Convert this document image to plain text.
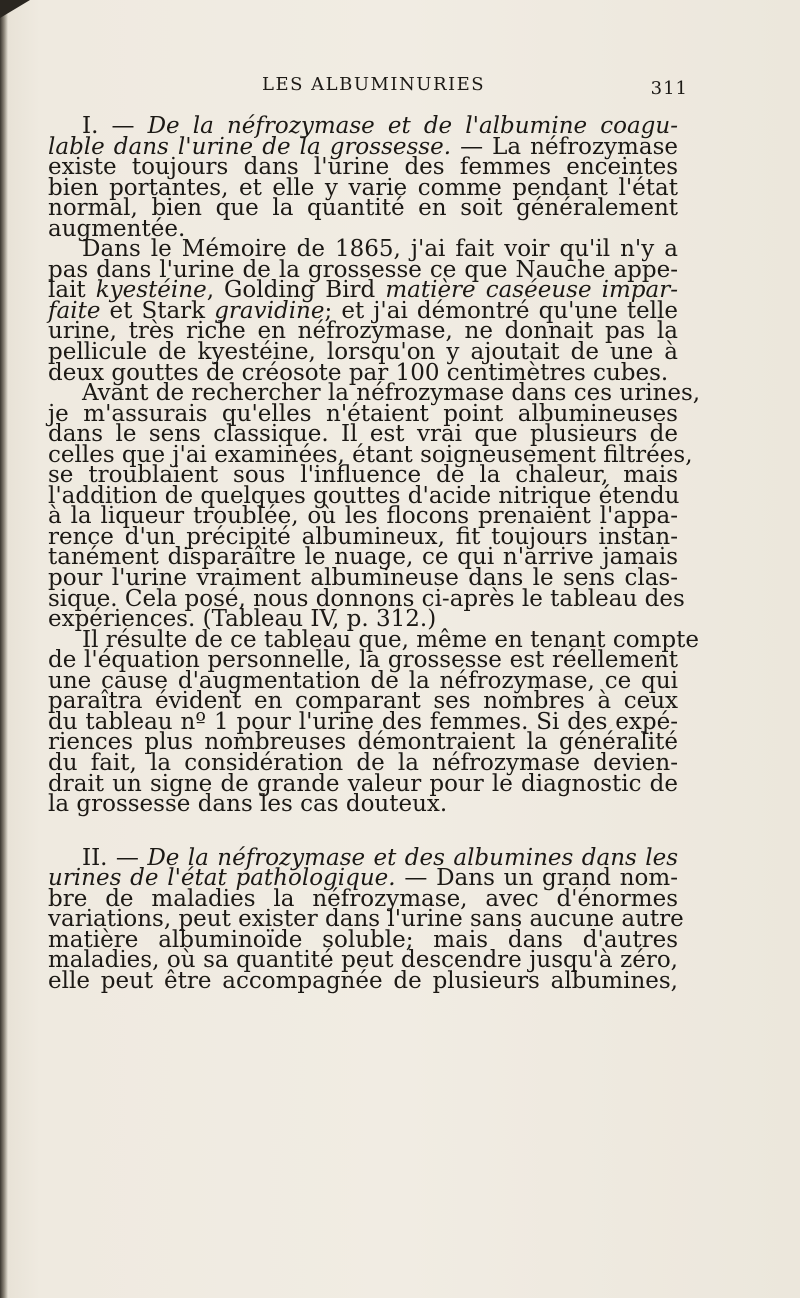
LES ALBUMINURIES	311
I. — De la néfrozymase et de l'albumine coagu-
lable dans l'urine de la grossesse. — La néfrozymase
existe toujours dans l'urine des femmes enceintes
bien portantes, et elle y varie comme pendant l'état
normal, bien que la quantité en soit généralement
augmentée.
Dans le Mémoire de 1865, j'ai fait voir qu'il n'y a
pas dans l'urine de la grossesse ce que Nauche appe-
lait kyestéine, Golding Bird matière caséeuse impar-
faite et Stark gravidine; et j'ai démontré qu'une telle
urine, très riche en néfrozymase, ne donnait pas la
pellicule de kyestéine, lorsqu'on y ajoutait de une à
deux gouttes de créosote par 100 centimètres cubes.
Avant de rechercher la néfrozymase dans ces urines,
je m'assurais qu'elles n'étaient point albumineuses
dans le sens classique. Il est vrai que plusieurs de
celles que j'ai examinées, étant soigneusement filtrées,
se troublaient sous l'influence de la chaleur, mais
l'addition de quelques gouttes d'acide nitrique étendu
à la liqueur troublée, où les flocons prenaient l'appa-
rence d'un précipité albumineux, fit toujours instan-
tanément disparaître le nuage, ce qui n'arrive jamais
pour l'urine vraiment albumineuse dans le sens clas-
sique. Cela posé, nous donnons ci-après le tableau des
expériences. (Tableau IV, p. 312.)
Il résulte de ce tableau que, même en tenant compte
de l'équation personnelle, la grossesse est réellement
une cause d'augmentation de la néfrozymase, ce qui
paraîtra évident en comparant ses nombres à ceux
du tableau nº 1 pour l'urine des femmes. Si des expé-
riences plus nombreuses démontraient la généralité
du fait, la considération de la néfrozymase devien-
drait un signe de grande valeur pour le diagnostic de
la grossesse dans les cas douteux.
II. — De la néfrozymase et des albumines dans les
urines de l'état pathologique. — Dans un grand nom-
bre de maladies la néfrozymase, avec d'énormes
variations, peut exister dans l'urine sans aucune autre
matière albuminoïde soluble; mais dans d'autres
maladies, où sa quantité peut descendre jusqu'à zéro,
elle peut être accompagnée de plusieurs albumines,
